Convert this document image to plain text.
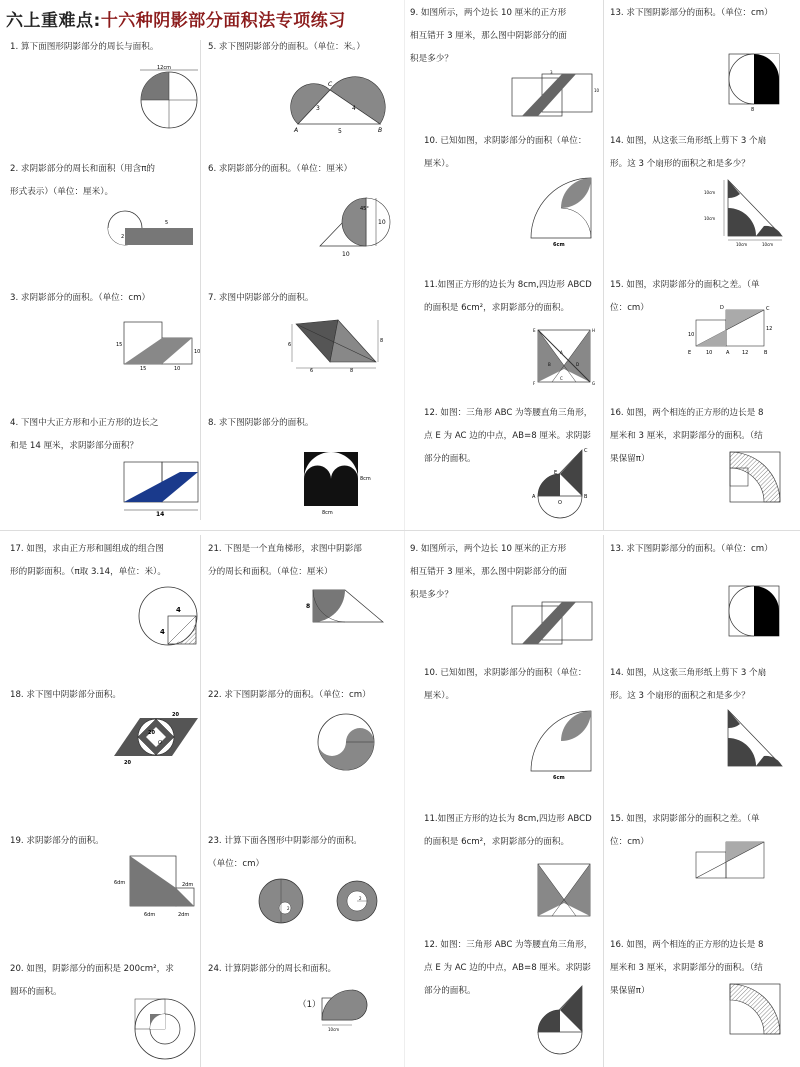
六上重难点:十六种阴影部分面积法专项练习

1. 算下面图形阴影部分的周长与面积。

12cm

2. 求阴影部分的周长和面积（用含π的

形式表示）（单位：厘米）。

5
2

3. 求阴影部分的面积。（单位：cm）

15
10
15	10

4. 下图中大正方形和小正方形的边长之

和是 14 厘米，求阴影部分面积？

14

5. 求下图阴影部分的面积。（单位：米。）

C
A	B
3	4
5

6. 求阴影部分的面积。（单位：厘米）

45°
10
10

7. 求图中阴影部分的面积。

6
8
6	8

8. 求下图阴影部分的面积。

8cm
8cm

9. 如图所示，两个边长 10 厘米的正方形

相互错开 3 厘米，那么图中阴影部分的面

积是多少？

3
10

10. 已知如图，求阴影部分的面积（单位：

厘米）。

6cm

11.如图正方形的边长为 8cm,四边形 ABCD

的面积是 6cm²，求阴影部分的面积。

E	H
F	G
A
B
C
D

12. 如图：三角形 ABC 为等腰直角三角形，

点 E 为 AC 边的中点，AB=8 厘米。求阴影

部分的面积。

A	B
C
E
O

13. 求下图阴影部分的面积。（单位：cm）

8

14. 如图，从这张三角形纸上剪下 3 个扇

形。这 3 个扇形的面积之和是多少？

10cm
10cm
10cm	10cm

15. 如图，求阴影部分的面积之差。（单

位：cm）	D	C
E	A	B
10
12
10	12

16. 如图，两个相连的正方形的边长是 8

厘米和 3 厘米，求阴影部分的面积。（结

果保留π）

17. 如图，求由正方形和圆组成的组合图

形的阴影面积。（π取 3.14，单位：米）。

4
4

18. 求下图中阴影部分面积。

20
20
20
O

19. 求阴影部分的面积。

6dm	2dm
6dm	2dm

20. 如图，阴影部分的面积是 200cm²，求

圆环的面积。

21. 下图是一个直角梯形，求图中阴影部

分的周长和面积。（单位：厘米）

8

22. 求下图阴影部分的面积。（单位：cm）

23. 计算下面各图形中阴影部分的面积。

（单位：cm）

2
2

24. 计算阴影部分的周长和面积。

（1）

10cm

9. 如图所示，两个边长 10 厘米的正方形

相互错开 3 厘米，那么图中阴影部分的面

积是多少？

10. 已知如图，求阴影部分的面积（单位：

厘米）。

6cm

11.如图正方形的边长为 8cm,四边形 ABCD

的面积是 6cm²，求阴影部分的面积。

12. 如图：三角形 ABC 为等腰直角三角形，

点 E 为 AC 边的中点，AB=8 厘米。求阴影

部分的面积。

13. 求下图阴影部分的面积。（单位：cm）

14. 如图，从这张三角形纸上剪下 3 个扇

形。这 3 个扇形的面积之和是多少？

15. 如图，求阴影部分的面积之差。（单

位：cm）

16. 如图，两个相连的正方形的边长是 8

厘米和 3 厘米，求阴影部分的面积。（结

果保留π）
